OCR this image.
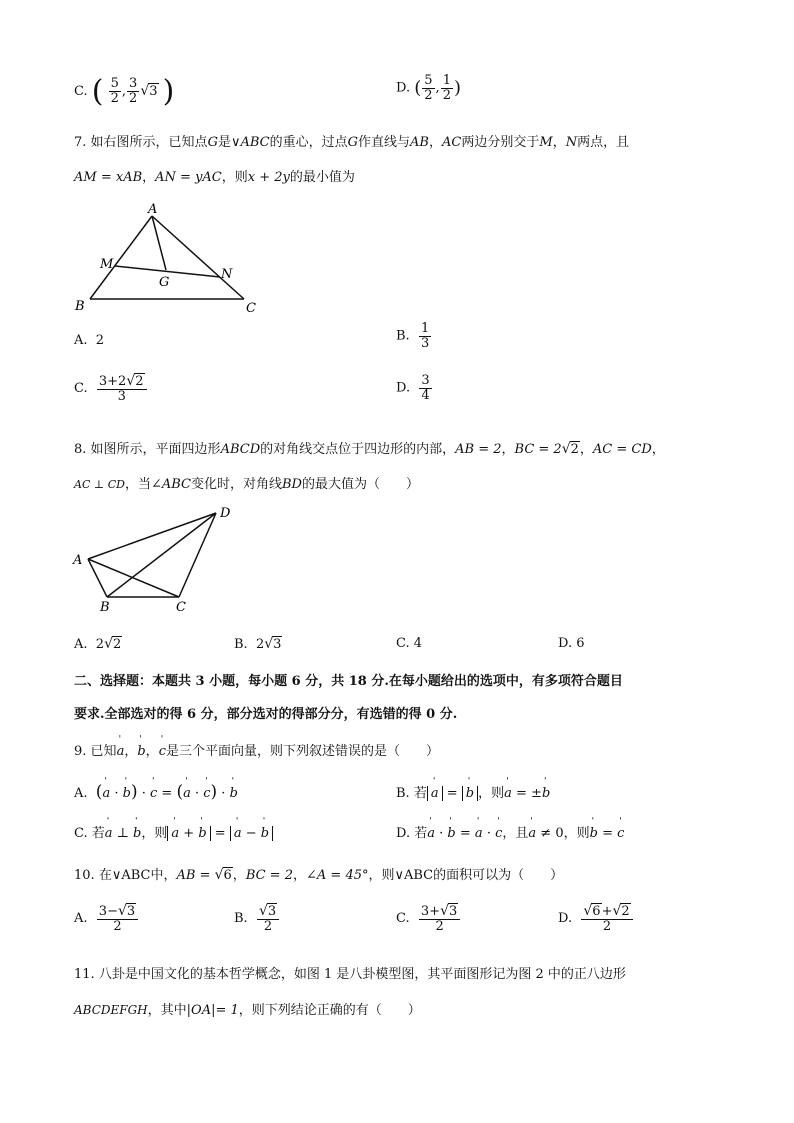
C. ( $\frac{5}{2}$ , $\frac{3}{2} √3$ )	D. ( $\frac{5}{2}$ , $\frac{1}{2}$ )
7. 如右图所示，已知点G是∨ABC的重心，过点G作直线与AB，AC两边分别交于M，N两点，且
AM = xAB，AN = yAC，则x + 2y的最小值为
A
B	C
M
N
G
A. 2	B. $\frac{1}{3}$
C. $\frac{3+2√2}{3}$	D. $\frac{3}{4}$
8. 如图所示，平面四边形ABCD的对角线交点位于四边形的内部，AB = 2，BC = 2√2，AC = CD，
AC ⊥ CD，当∠ABC变化时，对角线BD的最大值为（　　）
A
B	C
D
A. 2√2	B. 2√3	C. 4	D. 6
二、选择题：本题共 3 小题，每小题 6 分，共 18 分.在每小题给出的选项中，有多项符合题目
要求.全部选对的得 6 分，部分选对的得部分分，有选错的得 0 分.
9. 已知' a，' b，' c是三个平面向量，则下列叙述错误的是（　　）
A. (' a · ' b) · ' c = (' a · ' c) · ' b	B. 若 ' a = ' b ，则' a = ±' b
C. 若' a ⊥ ' b，则 ' a + ' b = ' a − ' b	D. 若' a · ' b = ' a · ' c，且' a ≠ 0，则' b = ' c
10. 在∨ABC中，AB = √6，BC = 2，∠A = 45°，则∨ABC的面积可以为（　　）
A. $\frac{3-√3}{2}$	B. $\frac{√3}{2}$	C. $\frac{3+√3}{2}$	D. $\frac{√6+√2}{2}$
11. 八卦是中国文化的基本哲学概念，如图 1 是八卦模型图，其平面图形记为图 2 中的正八边形
ABCDEFGH，其中|OA|= 1，则下列结论正确的有（　　）
